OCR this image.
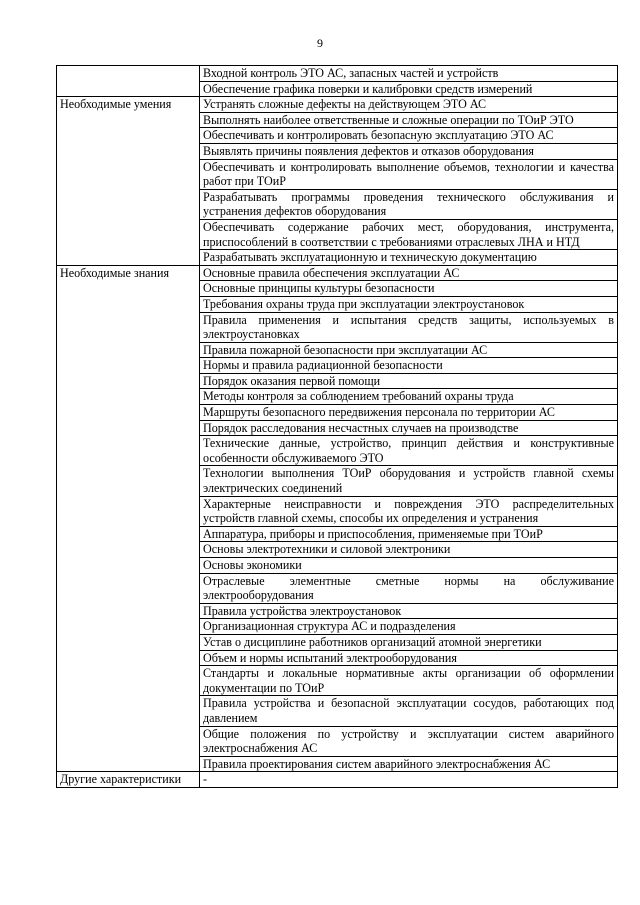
9
	Входной контроль ЭТО АС, запасных частей и устройств
	Обеспечение графика поверки и калибровки средств измерений
Необходимые умения	Устранять сложные дефекты на действующем ЭТО АС
	Выполнять наиболее ответственные и сложные операции по ТОиР ЭТО
	Обеспечивать и контролировать безопасную эксплуатацию ЭТО АС
	Выявлять причины появления дефектов и отказов оборудования
	Обеспечивать и контролировать выполнение объемов, технологии и качества работ при ТОиР
	Разрабатывать программы проведения технического обслуживания и устранения дефектов оборудования
	Обеспечивать содержание рабочих мест, оборудования, инструмента, приспособлений в соответствии с требованиями отраслевых ЛНА и НТД
	Разрабатывать эксплуатационную и техническую документацию
Необходимые знания	Основные правила обеспечения эксплуатации АС
	Основные принципы культуры безопасности
	Требования охраны труда при эксплуатации электроустановок
	Правила применения и испытания средств защиты, используемых в электроустановках
	Правила пожарной безопасности при эксплуатации АС
	Нормы и правила радиационной безопасности
	Порядок оказания первой помощи
	Методы контроля за соблюдением требований охраны труда
	Маршруты безопасного передвижения персонала по территории АС
	Порядок расследования несчастных случаев на производстве
	Технические данные, устройство, принцип действия и конструктивные особенности обслуживаемого ЭТО
	Технологии выполнения ТОиР оборудования и устройств главной схемы электрических соединений
	Характерные неисправности и повреждения ЭТО распределительных устройств главной схемы, способы их определения и устранения
	Аппаратура, приборы и приспособления, применяемые при ТОиР
	Основы электротехники и силовой электроники
	Основы экономики
	Отраслевые элементные сметные нормы на обслуживание электрооборудования
	Правила устройства электроустановок
	Организационная структура АС и подразделения
	Устав о дисциплине работников организаций атомной энергетики
	Объем и нормы испытаний электрооборудования
	Стандарты и локальные нормативные акты организации об оформлении документации по ТОиР
	Правила устройства и безопасной эксплуатации сосудов, работающих под давлением
	Общие положения по устройству и эксплуатации систем аварийного электроснабжения АС
	Правила проектирования систем аварийного электроснабжения АС
Другие характеристики	-
